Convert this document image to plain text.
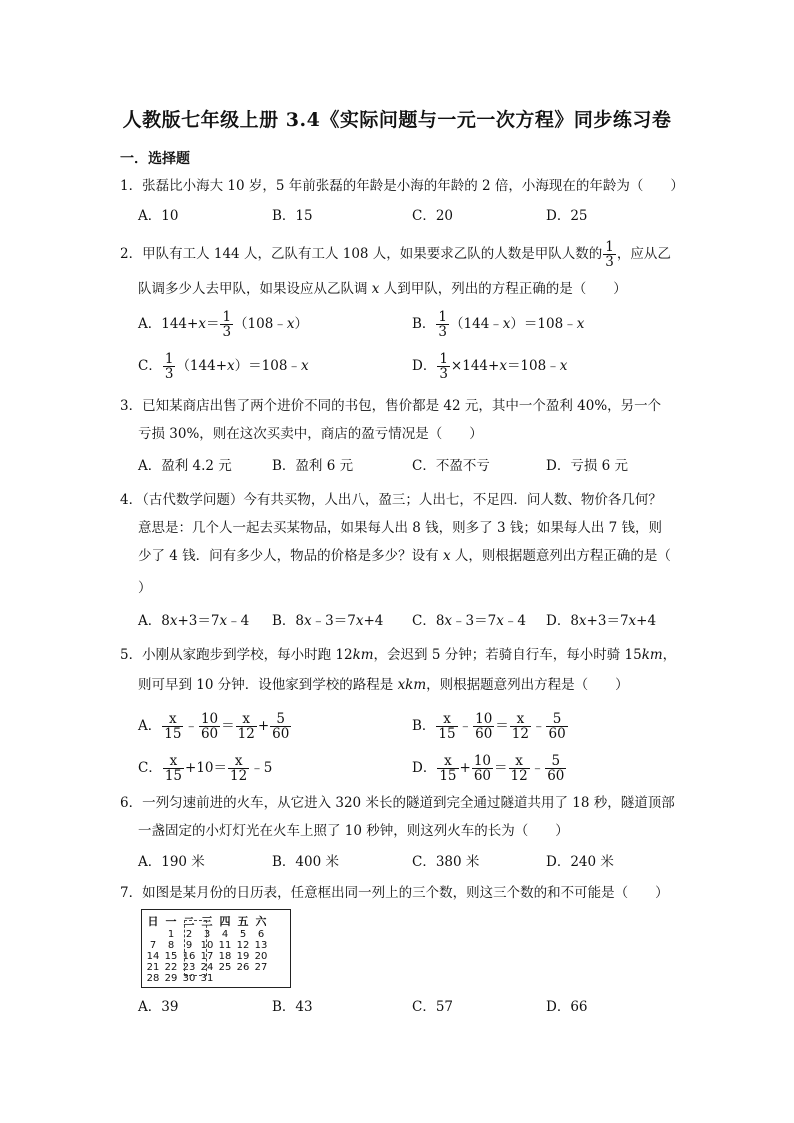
人教版七年级上册 3.4《实际问题与一元一次方程》同步练习卷
一．选择题
1．张磊比小海大 10 岁，5 年前张磊的年龄是小海的年龄的 2 倍，小海现在的年龄为（　　）
A．10	B．15	C．20	D．25
2．甲队有工人 144 人，乙队有工人 108 人，如果要求乙队的人数是甲队人数的 $\frac{1}{3}$ ，应从乙
队调多少人去甲队，如果设应从乙队调 x 人到甲队，列出的方程正确的是（　　）
A．$144+x= \frac{1}{3}$ （108﹣x）	B． $\frac{1}{3}$ （144﹣x）＝108﹣x
C． $\frac{1}{3}$ （144+x）＝108﹣x	D． $\frac{1}{3}$ ×144+x＝108﹣x
3．已知某商店出售了两个进价不同的书包，售价都是 42 元，其中一个盈利 40%，另一个
亏损 30%，则在这次买卖中，商店的盈亏情况是（　　）
A．盈利 4.2 元	B．盈利 6 元	C．不盈不亏	D．亏损 6 元
4．（古代数学问题）今有共买物，人出八，盈三；人出七，不足四．问人数、物价各几何？
意思是：几个人一起去买某物品，如果每人出 8 钱，则多了 3 钱；如果每人出 7 钱，则
少了 4 钱．问有多少人，物品的价格是多少？设有 x 人，则根据题意列出方程正确的是（
）
A．8x+3＝7x﹣4 B．8x﹣3＝7x+4 C．8x﹣3＝7x﹣4 D．8x+3＝7x+4
5．小刚从家跑步到学校，每小时跑 12km，会迟到 5 分钟；若骑自行车，每小时骑 15km，
则可早到 10 分钟．设他家到学校的路程是 xkm，则根据题意列出方程是（　　）
A． $\frac{x}{15}$ ﹣ $\frac{10}{60} = \frac{x}{12} + \frac{5}{60}$	B． $\frac{x}{15}$ ﹣ $\frac{10}{60} = \frac{x}{12}$ ﹣ $\frac{5}{60}$
C． $\frac{x}{15} +10= \frac{x}{12}$ ﹣5	D． $\frac{x}{15} + \frac{10}{60} = \frac{x}{12}$ ﹣ $\frac{5}{60}$
6．一列匀速前进的火车，从它进入 320 米长的隧道到完全通过隧道共用了 18 秒，隧道顶部
一盏固定的小灯灯光在火车上照了 10 秒钟，则这列火车的长为（　　）
A．190 米	B．400 米	C．380 米	D．240 米
7．如图是某月份的日历表，任意框出同一列上的三个数，则这三个数的和不可能是（　　）
日	一	二	三	四	五	六
	1	2	3	4	5	6
7	8	9	10	11	12	13
14	15	16	17	18	19	20
21	22	23	24	25	26	27
28	29	30	31			
A．39	B．43	C．57	D．66
